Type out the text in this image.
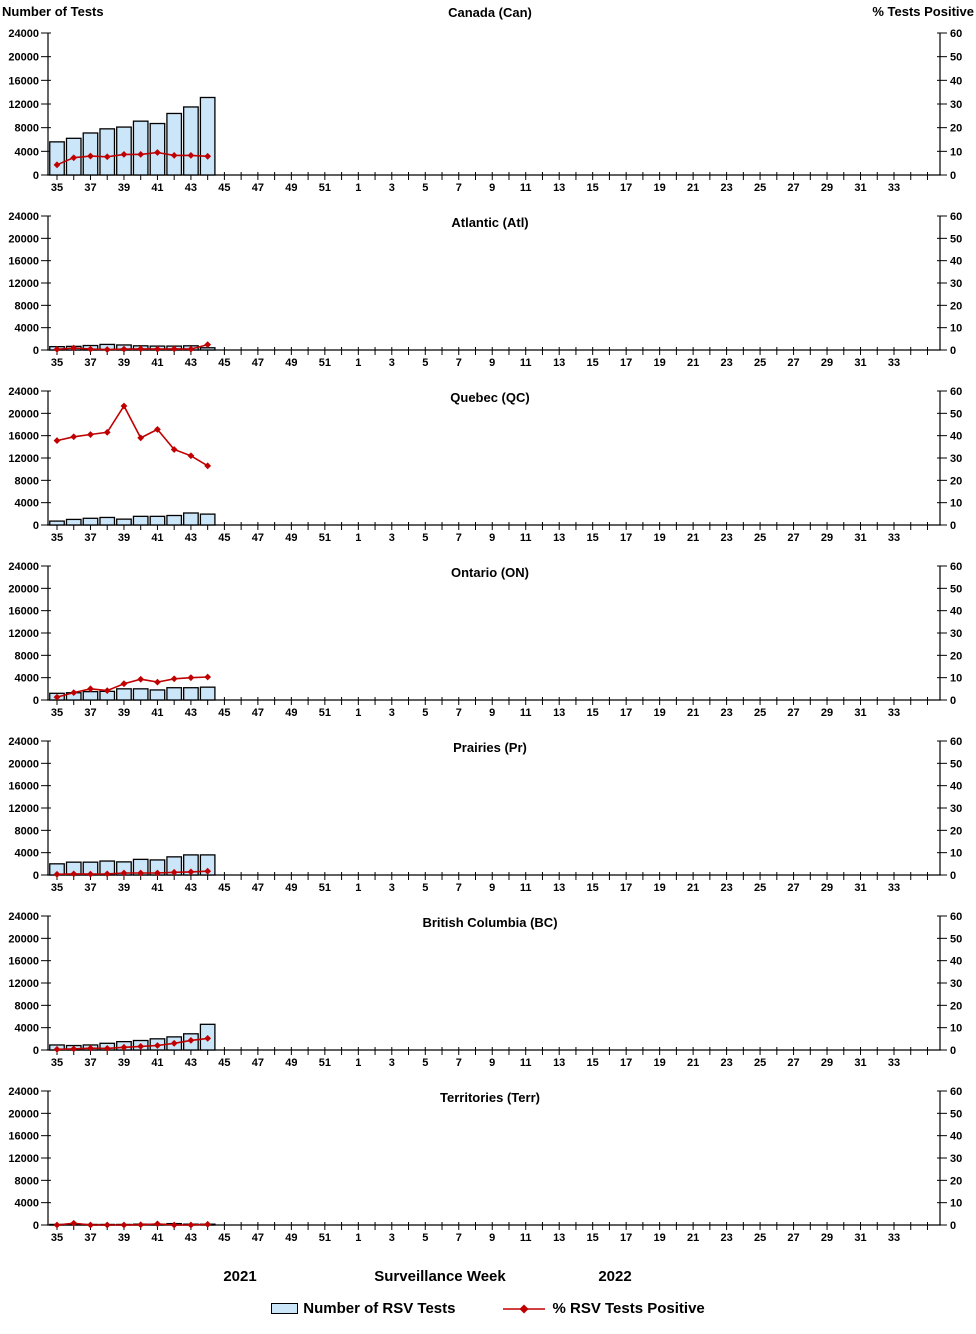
Canada (Can)
Number of Tests	% Tests Positive
0
4000
8000
12000
16000
20000
24000
0
10
20
30
40
50
60
35 37 39 41 43 45 47 49 51 1 3 5 7 9 11 13 15 17 19 21 23 25 27 29 31 33
Atlantic (Atl)
0
4000
8000
12000
16000
20000
24000
0
10
20
30
40
50
60
35 37 39 41 43 45 47 49 51 1 3 5 7 9 11 13 15 17 19 21 23 25 27 29 31 33
Quebec (QC)
0
4000
8000
12000
16000
20000
24000
0
10
20
30
40
50
60
35 37 39 41 43 45 47 49 51 1 3 5 7 9 11 13 15 17 19 21 23 25 27 29 31 33
Ontario (ON)
0
4000
8000
12000
16000
20000
24000
0
10
20
30
40
50
60
35 37 39 41 43 45 47 49 51 1 3 5 7 9 11 13 15 17 19 21 23 25 27 29 31 33
Prairies (Pr)
0
4000
8000
12000
16000
20000
24000
0
10
20
30
40
50
60
35 37 39 41 43 45 47 49 51 1 3 5 7 9 11 13 15 17 19 21 23 25 27 29 31 33
British Columbia (BC)
0
4000
8000
12000
16000
20000
24000
0
10
20
30
40
50
60
35 37 39 41 43 45 47 49 51 1 3 5 7 9 11 13 15 17 19 21 23 25 27 29 31 33
Territories (Terr)
0
4000
8000
12000
16000
20000
24000
0
10
20
30
40
50
60
35 37 39 41 43 45 47 49 51 1 3 5 7 9 11 13 15 17 19 21 23 25 27 29 31 33
2021	Surveillance Week	2022
Number of RSV Tests	% RSV Tests Positive
